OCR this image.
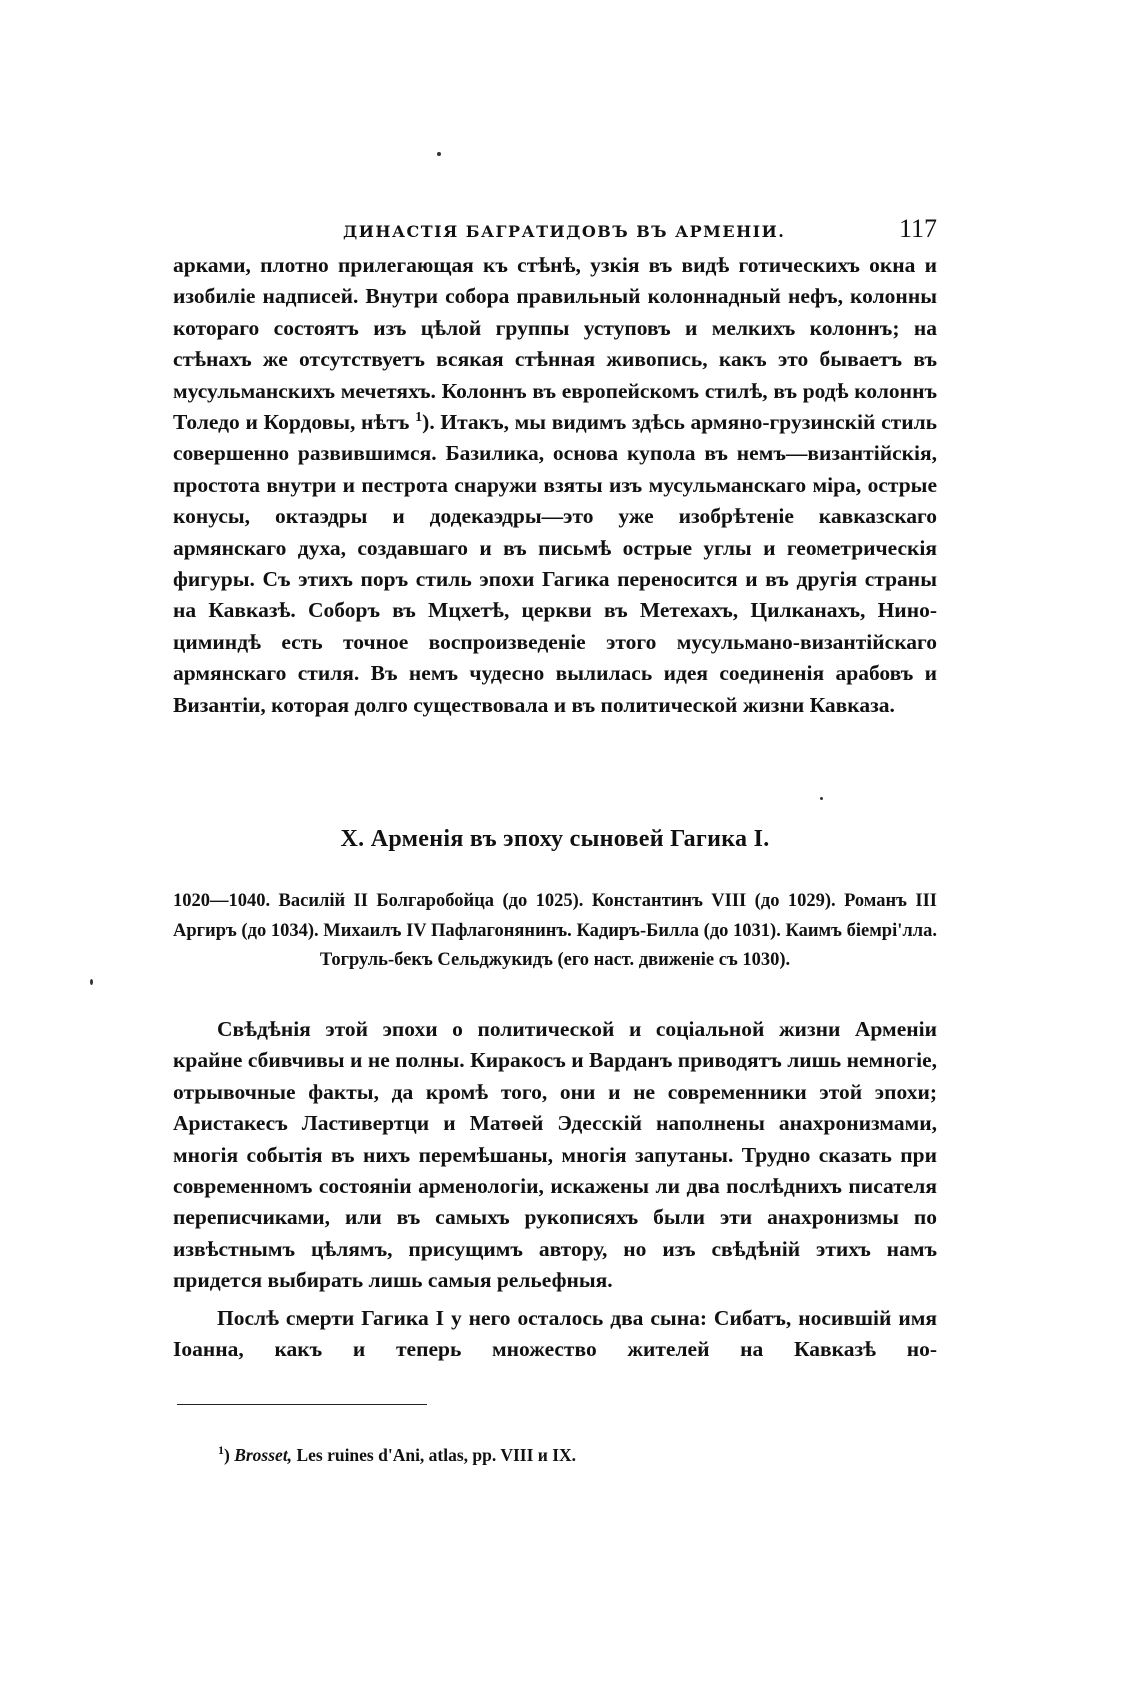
ДИНАСТІЯ БАГРАТИДОВЪ ВЪ АРМЕНІИ.	117

арками, плотно прилегающая къ стѣнѣ, узкія въ видѣ готическихъ окна и изобиліе надписей. Внутри собора правильный колоннадный нефъ, колонны котораго состоятъ изъ цѣлой группы уступовъ и мелкихъ колоннъ; на стѣнахъ же отсутствуетъ всякая стѣнная живопись, какъ это бываетъ въ мусульманскихъ мечетяхъ. Колоннъ въ европейскомъ стилѣ, въ родѣ колоннъ Толедо и Кордовы, нѣтъ $^1$). Итакъ, мы видимъ здѣсь армяно-грузинскій стиль совершенно развившимся. Базилика, основа купола въ немъ—византійскія, простота внутри и пестрота снаружи взяты изъ мусульманскаго міра, острые конусы, октаэдры и додекаэдры—это уже изобрѣтеніе кавказскаго армянскаго духа, создавшаго и въ письмѣ острые углы и геометрическія фигуры. Съ этихъ поръ стиль эпохи Гагика переносится и въ другія страны на Кавказѣ. Соборъ въ Мцхетѣ, церкви въ Метехахъ, Цилканахъ, Нино-циминдѣ есть точное воспроизведеніе этого мусульмано-византійскаго армянскаго стиля. Въ немъ чудесно вылилась идея соединенія арабовъ и Византіи, которая долго существовала и въ политической жизни Кавказа.

X. Арменія въ эпоху сыновей Гагика I.
1020—1040. Василій II Болгаробойца (до 1025). Константинъ VIII (до 1029). Романъ III Аргиръ (до 1034). Михаилъ IV Пафлагонянинъ. Кадиръ-Билла (до 1031). Каимъ біемрі'лла. Тогруль-бекъ Сельджукидъ (его наст. движеніе съ 1030).

Свѣдѣнія этой эпохи о политической и соціальной жизни Арменіи крайне сбивчивы и не полны. Киракосъ и Варданъ приводятъ лишь немногіе, отрывочные факты, да кромѣ того, они и не современники этой эпохи; Аристакесъ Ластивертци и Матѳей Эдесскій наполнены анахронизмами, многія событія въ нихъ перемѣшаны, многія запутаны. Трудно сказать при современномъ состояніи арменологіи, искажены ли два послѣднихъ писателя переписчиками, или въ самыхъ рукописяхъ были эти анахронизмы по извѣстнымъ цѣлямъ, присущимъ автору, но изъ свѣдѣній этихъ намъ придется выбирать лишь самыя рельефныя.

Послѣ смерти Гагика I у него осталось два сына: Сибатъ, носившій имя Іоанна, какъ и теперь множество жителей на Кавказѣ но-

$^1$) Brosset, Les ruines d'Ani, atlas, pp. VIII и IX.
